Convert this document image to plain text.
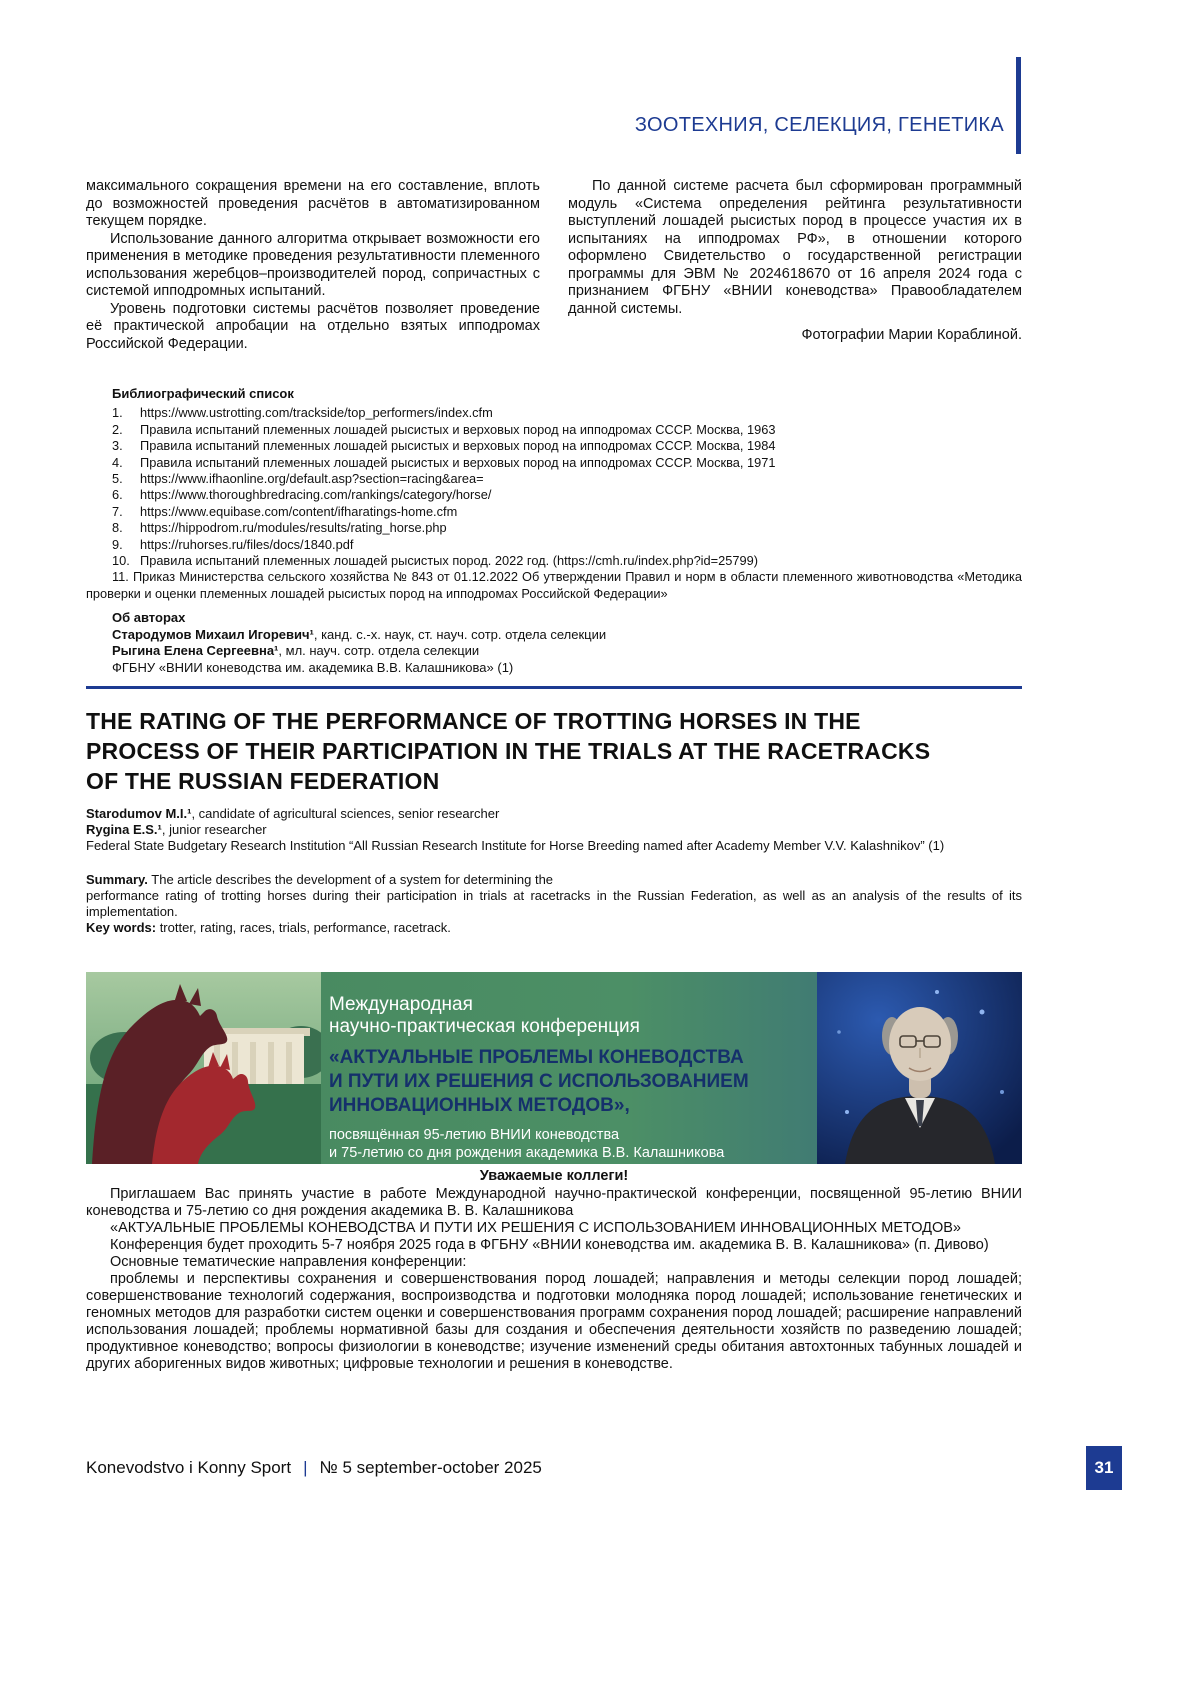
ЗООТЕХНИЯ, СЕЛЕКЦИЯ, ГЕНЕТИКА

максимального сокращения времени на его составление, вплоть до возможностей проведения расчётов в автоматизированном текущем порядке.

Использование данного алгоритма открывает возможности его применения в методике проведения результативности племенного использования жеребцов–производителей пород, сопричастных с системой ипподромных испытаний.

Уровень подготовки системы расчётов позволяет проведение её практической апробации на отдельно взятых ипподромах Российской Федерации.

По данной системе расчета был сформирован программный модуль «Система определения рейтинга результативности выступлений лошадей рысистых пород в процессе участия их в испытаниях на ипподромах РФ», в отношении которого оформлено Свидетельство о государственной регистрации программы для ЭВМ № 2024618670 от 16 апреля 2024 года с признанием ФГБНУ «ВНИИ коневодства» Правообладателем данной системы.

Фотографии Марии Кораблиной.

Библиографический список
1.	https://www.ustrotting.com/trackside/top_performers/index.cfm
2.	Правила испытаний племенных лошадей рысистых и верховых пород на ипподромах СССР. Москва, 1963
3.	Правила испытаний племенных лошадей рысистых и верховых пород на ипподромах СССР. Москва, 1984
4.	Правила испытаний племенных лошадей рысистых и верховых пород на ипподромах СССР. Москва, 1971
5.	https://www.ifhaonline.org/default.asp?section=racing&area=
6.	https://www.thoroughbredracing.com/rankings/category/horse/
7.	https://www.equibase.com/content/ifharatings-home.cfm
8.	https://hippodrom.ru/modules/results/rating_horse.php
9.	https://ruhorses.ru/files/docs/1840.pdf
10. Правила испытаний племенных лошадей рысистых пород. 2022 год. (https://cmh.ru/index.php?id=25799)
11. Приказ Министерства сельского хозяйства № 843 от 01.12.2022 Об утверждении Правил и норм в области племенного животноводства «Методика проверки и оценки племенных лошадей рысистых пород на ипподромах Российской Федерации»
Об авторах
Стародумов Михаил Игоревич¹, канд. с.-х. наук, ст. науч. сотр. отдела селекции
Рыгина Елена Сергеевна¹, мл. науч. сотр. отдела селекции
ФГБНУ «ВНИИ коневодства им. академика В.В. Калашникова» (1)
THE RATING OF THE PERFORMANCE OF TROTTING HORSES IN THE
PROCESS OF THEIR PARTICIPATION IN THE TRIALS AT THE RACETRACKS
OF THE RUSSIAN FEDERATION
Starodumov M.I.¹, candidate of agricultural sciences, senior researcher
Rygina E.S.¹, junior researcher
Federal State Budgetary Research Institution “All Russian Research Institute for Horse Breeding named after Academy Member V.V. Kalashnikov” (1)
Summary. The article describes the development of a system for determining the
performance rating of trotting horses during their participation in trials at racetracks in the Russian Federation, as well as an analysis of the results of its implementation.
Key words: trotter, rating, races, trials, performance, racetrack.
Международная
научно-практическая конференция
«АКТУАЛЬНЫЕ ПРОБЛЕМЫ КОНЕВОДСТВА
И ПУТИ ИХ РЕШЕНИЯ С ИСПОЛЬЗОВАНИЕМ
ИННОВАЦИОННЫХ МЕТОДОВ»,
посвящённая 95-летию ВНИИ коневодства
и 75-летию со дня рождения академика В.В. Калашникова
Уважаемые коллеги!

Приглашаем Вас принять участие в работе Международной научно-практической конференции, посвященной 95-летию ВНИИ коневодства и 75-летию со дня рождения академика В. В. Калашникова

«АКТУАЛЬНЫЕ ПРОБЛЕМЫ КОНЕВОДСТВА И ПУТИ ИХ РЕШЕНИЯ С ИСПОЛЬЗОВАНИЕМ ИННОВАЦИОННЫХ МЕТОДОВ»

Конференция будет проходить 5-7 ноября 2025 года в ФГБНУ «ВНИИ коневодства им. академика В. В. Калашникова» (п. Дивово)

Основные тематические направления конференции:

проблемы и перспективы сохранения и совершенствования пород лошадей; направления и методы селекции пород лошадей; совершенствование технологий содержания, воспроизводства и подготовки молодняка пород лошадей; использование генетических и геномных методов для разработки систем оценки и совершенствования программ сохранения пород лошадей; расширение направлений использования лошадей; проблемы нормативной базы для создания и обеспечения деятельности хозяйств по разведению лошадей; продуктивное коневодство; вопросы физиологии в коневодстве; изучение изменений среды обитания автохтонных табунных лошадей и других аборигенных видов животных; цифровые технологии и решения в коневодстве.

Konevodstvo i Konny Sport | № 5 september-october 2025	31
